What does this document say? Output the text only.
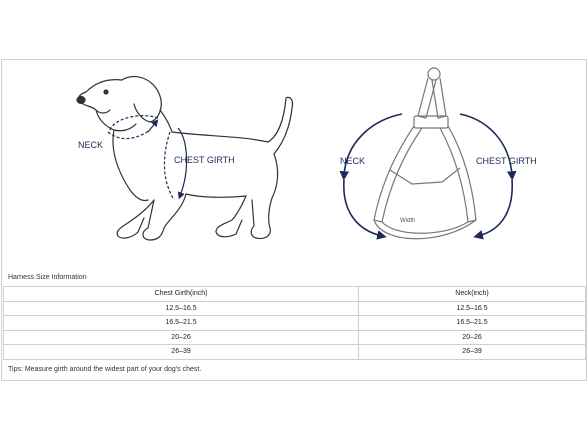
NECK
CHEST GIRTH	NECK	CHEST GIRTH
Width
Harness Size Information
Chest Girth(inch)	Neck(inch)
12.5–16.5	12.5–16.5
16.5–21.5	16.5–21.5
20–26	20–26
26–39	26–39
Tips: Measure girth around the widest part of your dog's chest.
